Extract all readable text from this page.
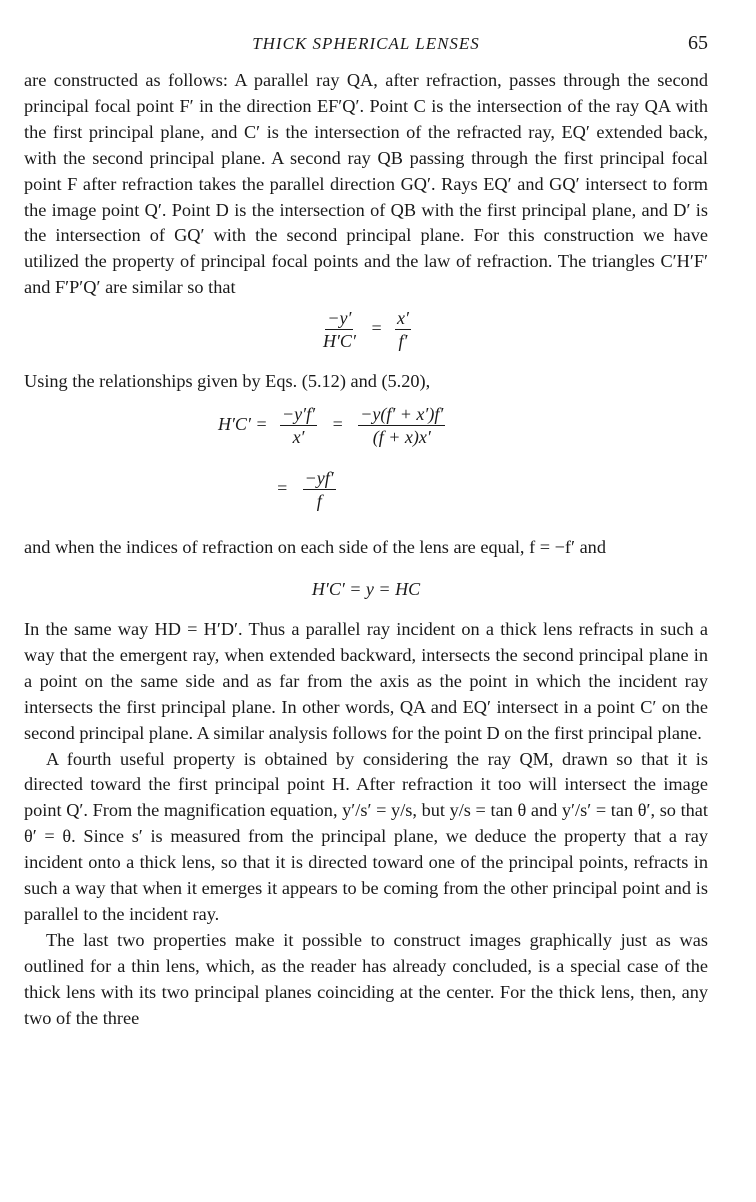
THICK SPHERICAL LENSES	65

are constructed as follows: A parallel ray QA, after refraction, passes through the second principal focal point F′ in the direction EF′Q′. Point C is the intersection of the ray QA with the first principal plane, and C′ is the intersection of the refracted ray, EQ′ extended back, with the second principal plane. A second ray QB passing through the first principal focal point F after refraction takes the parallel direction GQ′. Rays EQ′ and GQ′ intersect to form the image point Q′. Point D is the intersection of QB with the first principal plane, and D′ is the intersection of GQ′ with the second principal plane. For this construction we have utilized the property of principal focal points and the law of refraction. The triangles C′H′F′ and F′P′Q′ are similar so that

$\frac{-y'}{H'C'} = \frac{x'}{f'}$

Using the relationships given by Eqs. (5.12) and (5.20),

$H'C' = \frac{-y'f'}{x'} = \frac{-y(f' + x')f'}{(f + x)x'}$
= $\frac{-yf'}{f}$

and when the indices of refraction on each side of the lens are equal, f = −f′ and

H′C′ = y = HC

In the same way HD = H′D′. Thus a parallel ray incident on a thick lens refracts in such a way that the emergent ray, when extended backward, intersects the second principal plane in a point on the same side and as far from the axis as the point in which the incident ray intersects the first principal plane. In other words, QA and EQ′ intersect in a point C′ on the second principal plane. A similar analysis follows for the point D on the first principal plane.

A fourth useful property is obtained by considering the ray QM, drawn so that it is directed toward the first principal point H. After refraction it too will intersect the image point Q′. From the magnification equation, y′/s′ = y/s, but y/s = tan θ and y′/s′ = tan θ′, so that θ′ = θ. Since s′ is measured from the principal plane, we deduce the property that a ray incident onto a thick lens, so that it is directed toward one of the principal points, refracts in such a way that when it emerges it appears to be coming from the other principal point and is parallel to the incident ray.

The last two properties make it possible to construct images graphically just as was outlined for a thin lens, which, as the reader has already concluded, is a special case of the thick lens with its two principal planes coinciding at the center. For the thick lens, then, any two of the three
